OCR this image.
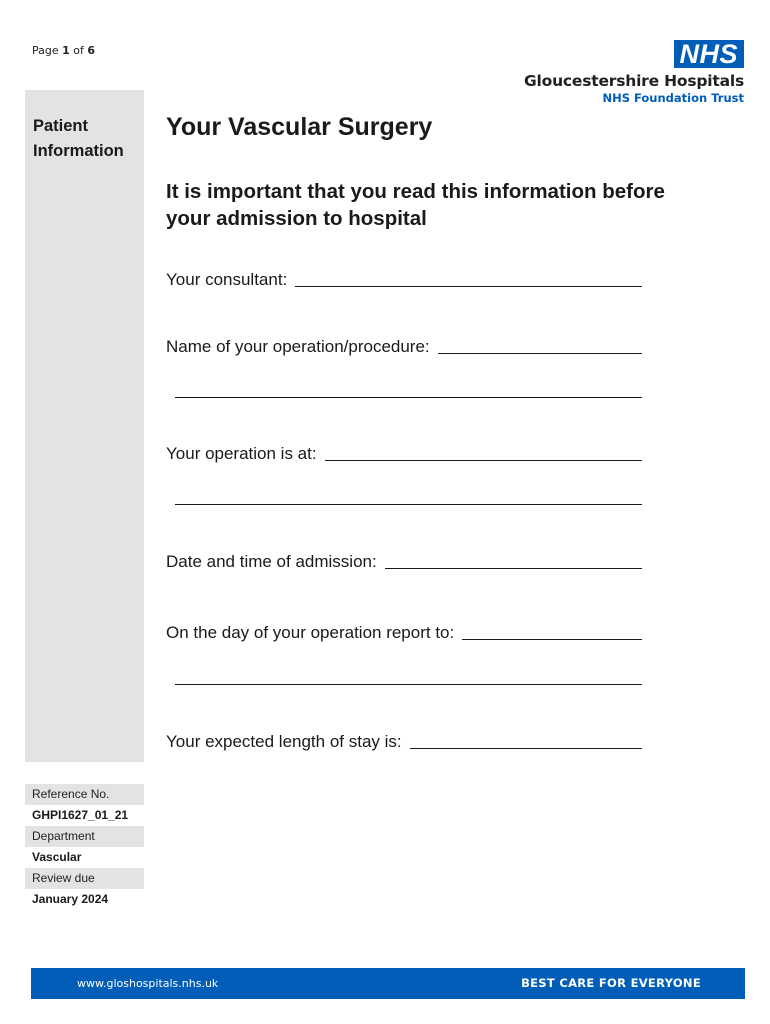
Page 1 of 6	NHS
Gloucestershire Hospitals
NHS Foundation Trust
Patient
Information
Reference No.
GHPI1627_01_21
Department
Vascular
Review due
January 2024
Your Vascular Surgery
It is important that you read this information before your admission to hospital
Your consultant:
Name of your operation/procedure:
Your operation is at:
Date and time of admission:
On the day of your operation report to:
Your expected length of stay is:
www.gloshospitals.nhs.uk	BEST CARE FOR EVERYONE
